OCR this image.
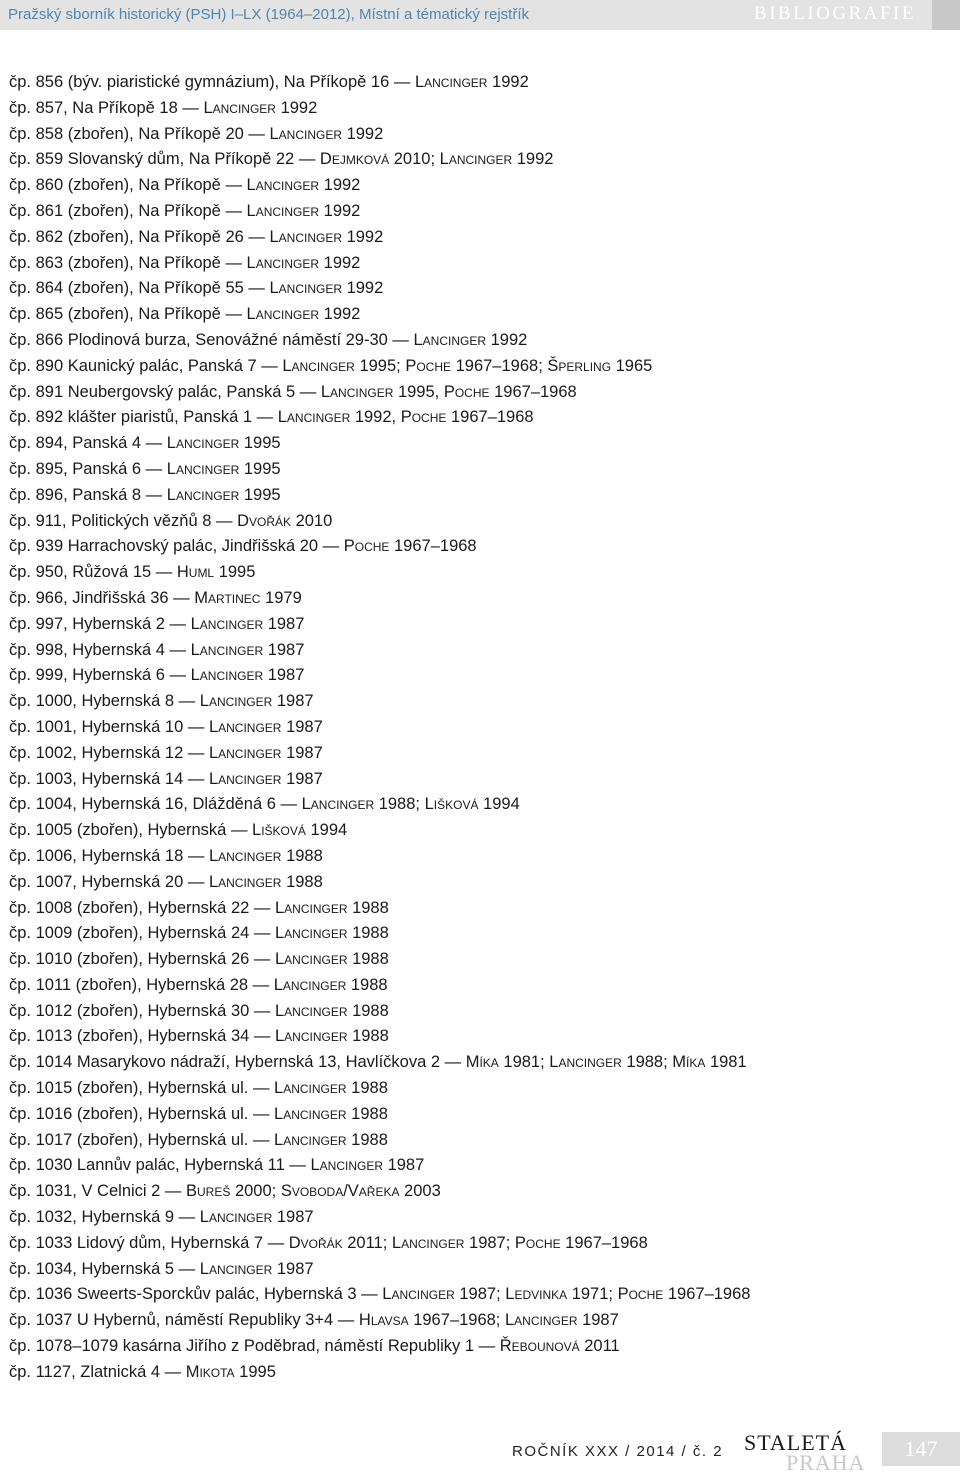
Pražský sborník historický (PSH) I–LX (1964–2012), Místní a tématický rejstřík	BIBLIOGRAFIE
čp. 856 (býv. piaristické gymnázium), Na Příkopě 16 — Lancinger 1992
čp. 857, Na Příkopě 18 — Lancinger 1992
čp. 858 (zbořen), Na Příkopě 20 — Lancinger 1992
čp. 859 Slovanský dům, Na Příkopě 22 — Dejmková 2010; Lancinger 1992
čp. 860 (zbořen), Na Příkopě — Lancinger 1992
čp. 861 (zbořen), Na Příkopě — Lancinger 1992
čp. 862 (zbořen), Na Příkopě 26 — Lancinger 1992
čp. 863 (zbořen), Na Příkopě — Lancinger 1992
čp. 864 (zbořen), Na Příkopě 55 — Lancinger 1992
čp. 865 (zbořen), Na Příkopě — Lancinger 1992
čp. 866 Plodinová burza, Senovážné náměstí 29-30 — Lancinger 1992
čp. 890 Kaunický palác, Panská 7 — Lancinger 1995; Poche 1967–1968; Šperling 1965
čp. 891 Neubergovský palác, Panská 5 — Lancinger 1995, Poche 1967–1968
čp. 892 klášter piaristů, Panská 1 — Lancinger 1992, Poche 1967–1968
čp. 894, Panská 4 — Lancinger 1995
čp. 895, Panská 6 — Lancinger 1995
čp. 896, Panská 8 — Lancinger 1995
čp. 911, Politických vězňů 8 — Dvořák 2010
čp. 939 Harrachovský palác, Jindřišská 20 — Poche 1967–1968
čp. 950, Růžová 15 — Huml 1995
čp. 966, Jindřišská 36 — Martinec 1979
čp. 997, Hybernská 2 — Lancinger 1987
čp. 998, Hybernská 4 — Lancinger 1987
čp. 999, Hybernská 6 — Lancinger 1987
čp. 1000, Hybernská 8 — Lancinger 1987
čp. 1001, Hybernská 10 — Lancinger 1987
čp. 1002, Hybernská 12 — Lancinger 1987
čp. 1003, Hybernská 14 — Lancinger 1987
čp. 1004, Hybernská 16, Dlážděná 6 — Lancinger 1988; Lišková 1994
čp. 1005 (zbořen), Hybernská — Lišková 1994
čp. 1006, Hybernská 18 — Lancinger 1988
čp. 1007, Hybernská 20 — Lancinger 1988
čp. 1008 (zbořen), Hybernská 22 — Lancinger 1988
čp. 1009 (zbořen), Hybernská 24 — Lancinger 1988
čp. 1010 (zbořen), Hybernská 26 — Lancinger 1988
čp. 1011 (zbořen), Hybernská 28 — Lancinger 1988
čp. 1012 (zbořen), Hybernská 30 — Lancinger 1988
čp. 1013 (zbořen), Hybernská 34 — Lancinger 1988
čp. 1014 Masarykovo nádraží, Hybernská 13, Havlíčkova 2 — Míka 1981; Lancinger 1988; Míka 1981
čp. 1015 (zbořen), Hybernská ul. — Lancinger 1988
čp. 1016 (zbořen), Hybernská ul. — Lancinger 1988
čp. 1017 (zbořen), Hybernská ul. — Lancinger 1988
čp. 1030 Lannův palác, Hybernská 11 — Lancinger 1987
čp. 1031, V Celnici 2 — Bureš 2000; Svoboda/Vařeka 2003
čp. 1032, Hybernská 9 — Lancinger 1987
čp. 1033 Lidový dům, Hybernská 7 — Dvořák 2011; Lancinger 1987; Poche 1967–1968
čp. 1034, Hybernská 5 — Lancinger 1987
čp. 1036 Sweerts-Sporckův palác, Hybernská 3 — Lancinger 1987; Ledvinka 1971; Poche 1967–1968
čp. 1037 U Hybernů, náměstí Republiky 3+4 — Hlavsa 1967–1968; Lancinger 1987
čp. 1078–1079 kasárna Jiřího z Poděbrad, náměstí Republiky 1 — Řebounová 2011
čp. 1127, Zlatnická 4 — Mikota 1995
ROČNÍK XXX / 2014 / č. 2 STALETÁ
PRAHA
147
